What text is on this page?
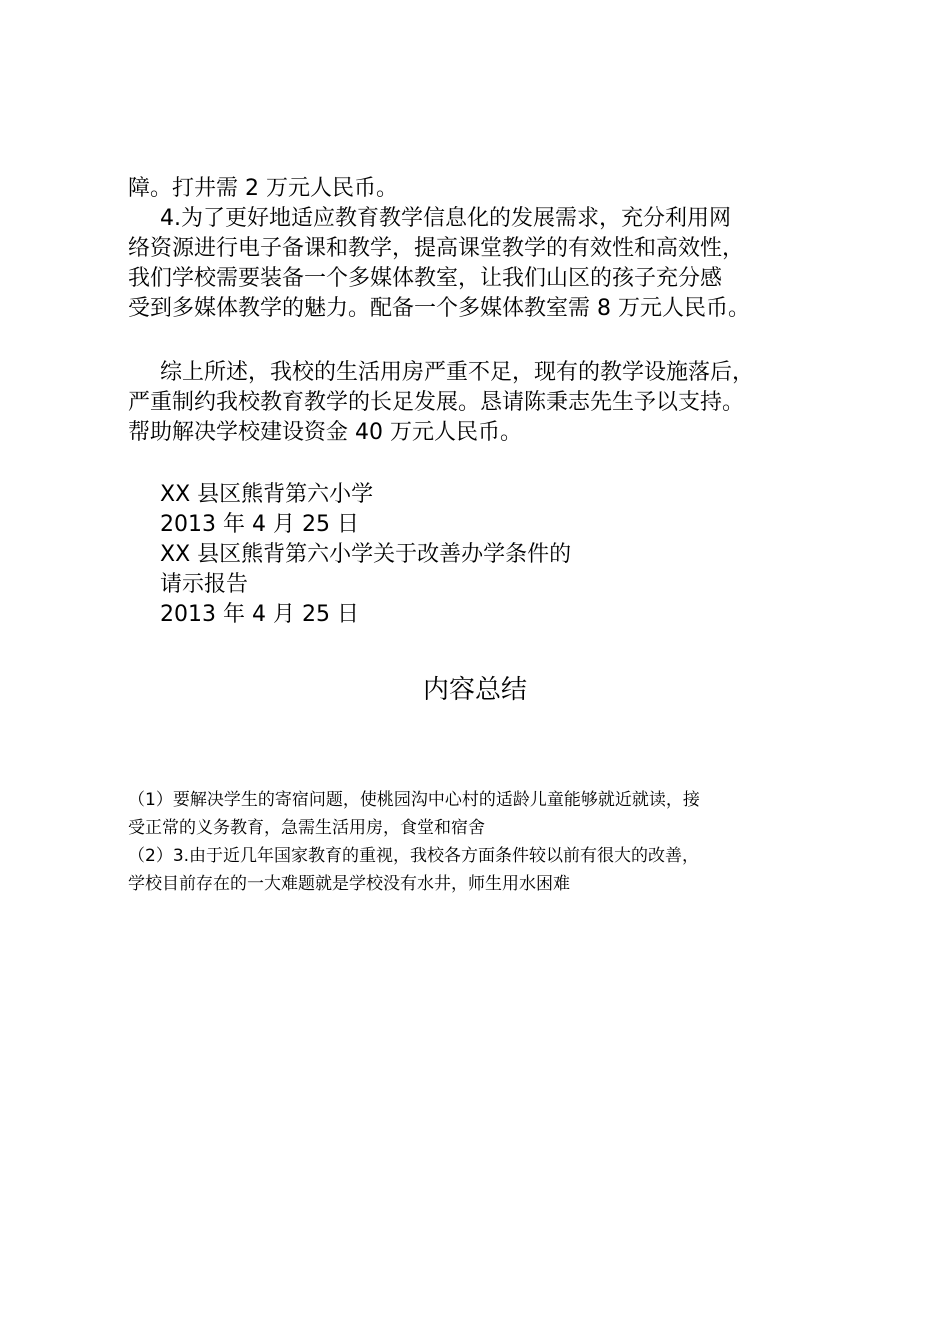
障。打井需 2 万元人民币。
4.为了更好地适应教育教学信息化的发展需求，充分利用网
络资源进行电子备课和教学，提高课堂教学的有效性和高效性，
我们学校需要装备一个多媒体教室，让我们山区的孩子充分感
受到多媒体教学的魅力。配备一个多媒体教室需 8 万元人民币。
综上所述，我校的生活用房严重不足，现有的教学设施落后，
严重制约我校教育教学的长足发展。恳请陈秉志先生予以支持。
帮助解决学校建设资金 40 万元人民币。
XX 县区熊背第六小学
2013 年 4 月 25 日
XX 县区熊背第六小学关于改善办学条件的
请示报告
2013 年 4 月 25 日
内容总结
（1）要解决学生的寄宿问题，使桃园沟中心村的适龄儿童能够就近就读，接
受正常的义务教育，急需生活用房，食堂和宿舍
（2）3.由于近几年国家教育的重视，我校各方面条件较以前有很大的改善，
学校目前存在的一大难题就是学校没有水井，师生用水困难
